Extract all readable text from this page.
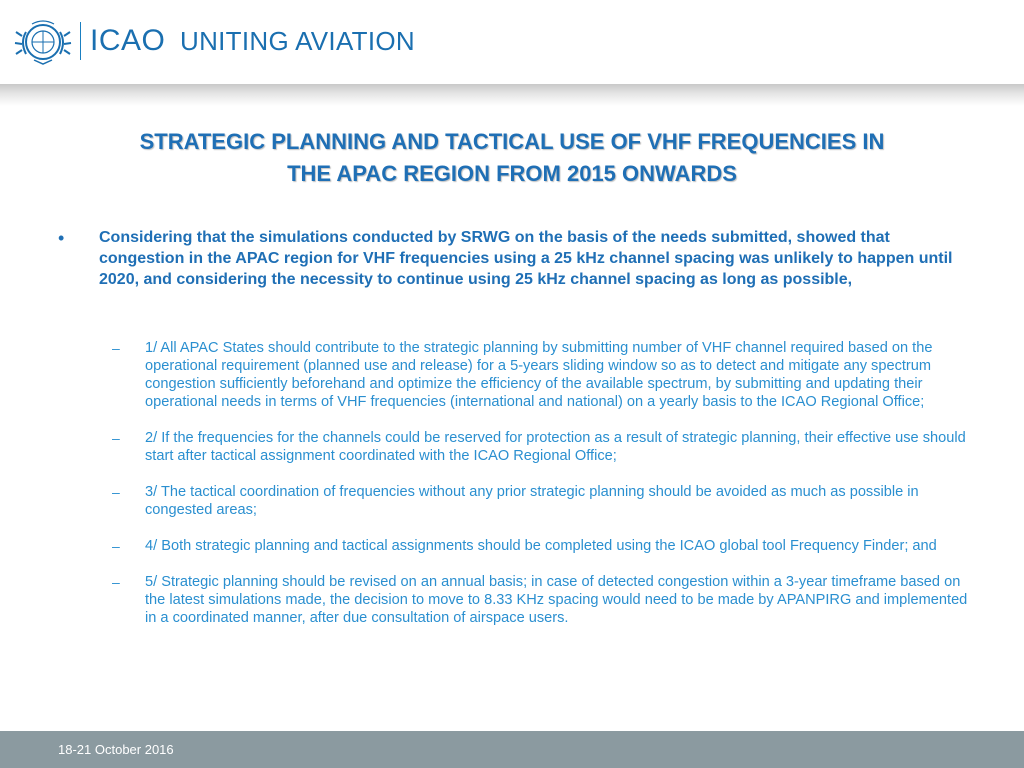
ICAO UNITING AVIATION
STRATEGIC PLANNING AND TACTICAL USE OF VHF FREQUENCIES IN
THE APAC REGION FROM 2015 ONWARDS
• Considering that the simulations conducted by SRWG on the basis of the needs submitted, showed that congestion in the APAC region for VHF frequencies using a 25 kHz channel spacing was unlikely to happen until 2020, and considering the necessity to continue using 25 kHz channel spacing as long as possible,
– 1/ All APAC States should contribute to the strategic planning by submitting number of VHF channel required based on the operational requirement (planned use and release) for a 5-years sliding window so as to detect and mitigate any spectrum congestion sufficiently beforehand and optimize the efficiency of the available spectrum, by submitting and updating their operational needs in terms of VHF frequencies (international and national) on a yearly basis to the ICAO Regional Office;
– 2/ If the frequencies for the channels could be reserved for protection as a result of strategic planning, their effective use should start after tactical assignment coordinated with the ICAO Regional Office;
– 3/ The tactical coordination of frequencies without any prior strategic planning should be avoided as much as possible in congested areas;
– 4/ Both strategic planning and tactical assignments should be completed using the ICAO global tool Frequency Finder; and
– 5/ Strategic planning should be revised on an annual basis; in case of detected congestion within a 3-year timeframe based on the latest simulations made, the decision to move to 8.33 KHz spacing would need to be made by APANPIRG and implemented in a coordinated manner, after due consultation of airspace users.
18-21 October 2016
